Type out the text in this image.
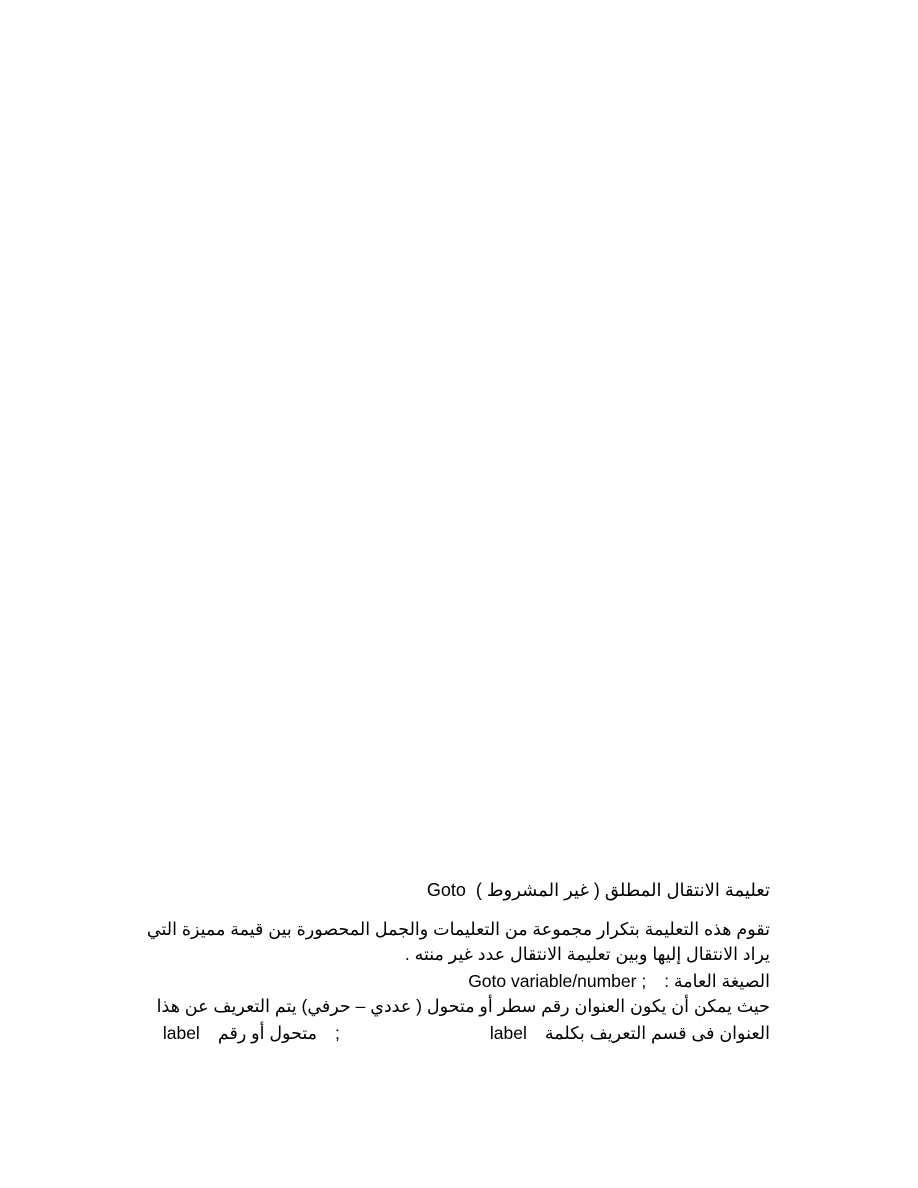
تعليمة الانتقال المطلق ( غير المشروط )Goto
تقوم هذه التعليمة بتكرار مجموعة من التعليمات والجمل المحصورة بين قيمة مميزة التي
يراد الانتقال إليها وبين تعليمة الانتقال عدد غير منته .
الصيغة العامة :Goto variable/number ;
حيث يمكن أن يكون العنوان رقم سطر أو متحول ( عددي – حرفي) يتم التعريف عن هذا
العنوان فى قسم التعريف بكلمةlabel;متحول أو رقمlabel
